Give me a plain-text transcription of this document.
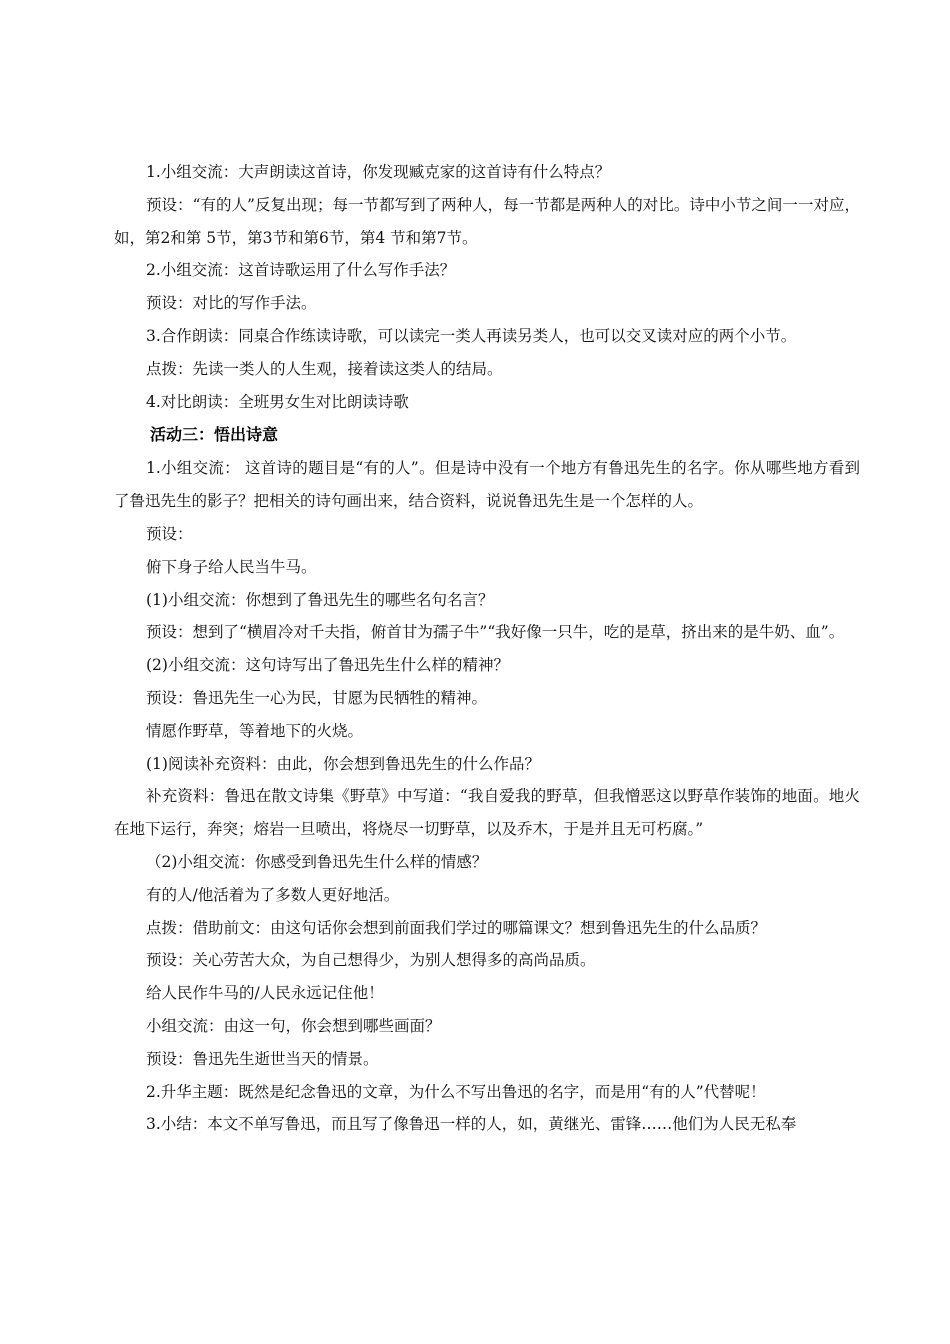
1.小组交流：大声朗读这首诗，你发现臧克家的这首诗有什么特点？

预设：“有的人”反复出现；每一节都写到了两种人，每一节都是两种人的对比。诗中小节之间一一对应，如，第2和第 5节，第3节和第6节，第4 节和第7节。

2.小组交流：这首诗歌运用了什么写作手法？

预设：对比的写作手法。

3.合作朗读：同桌合作练读诗歌，可以读完一类人再读另类人，也可以交叉读对应的两个小节。

点拨：先读一类人的人生观，接着读这类人的结局。

4.对比朗读：全班男女生对比朗读诗歌

活动三：悟出诗意

1.小组交流： 这首诗的题目是“有的人”。但是诗中没有一个地方有鲁迅先生的名字。你从哪些地方看到了鲁迅先生的影子？把相关的诗句画出来，结合资料，说说鲁迅先生是一个怎样的人。

预设：

俯下身子给人民当牛马。

(1)小组交流：你想到了鲁迅先生的哪些名句名言？

预设：想到了“横眉冷对千夫指，俯首甘为孺子牛”“我好像一只牛，吃的是草，挤出来的是牛奶、血”。

(2)小组交流：这句诗写出了鲁迅先生什么样的精神？

预设：鲁迅先生一心为民，甘愿为民牺牲的精神。

情愿作野草，等着地下的火烧。

(1)阅读补充资料：由此，你会想到鲁迅先生的什么作品？

补充资料：鲁迅在散文诗集《野草》中写道：“我自爱我的野草，但我憎恶这以野草作装饰的地面。地火在地下运行，奔突；熔岩一旦喷出，将烧尽一切野草，以及乔木，于是并且无可朽腐。”

（2)小组交流：你感受到鲁迅先生什么样的情感？

有的人/他活着为了多数人更好地活。

点拨：借助前文：由这句话你会想到前面我们学过的哪篇课文？想到鲁迅先生的什么品质？

预设：关心劳苦大众，为自己想得少，为别人想得多的高尚品质。

给人民作牛马的/人民永远记住他！

小组交流：由这一句，你会想到哪些画面？

预设：鲁迅先生逝世当天的情景。

2.升华主题：既然是纪念鲁迅的文章，为什么不写出鲁迅的名字，而是用“有的人”代替呢！

3.小结：本文不单写鲁迅，而且写了像鲁迅一样的人，如，黄继光、雷锋……他们为人民无私奉
